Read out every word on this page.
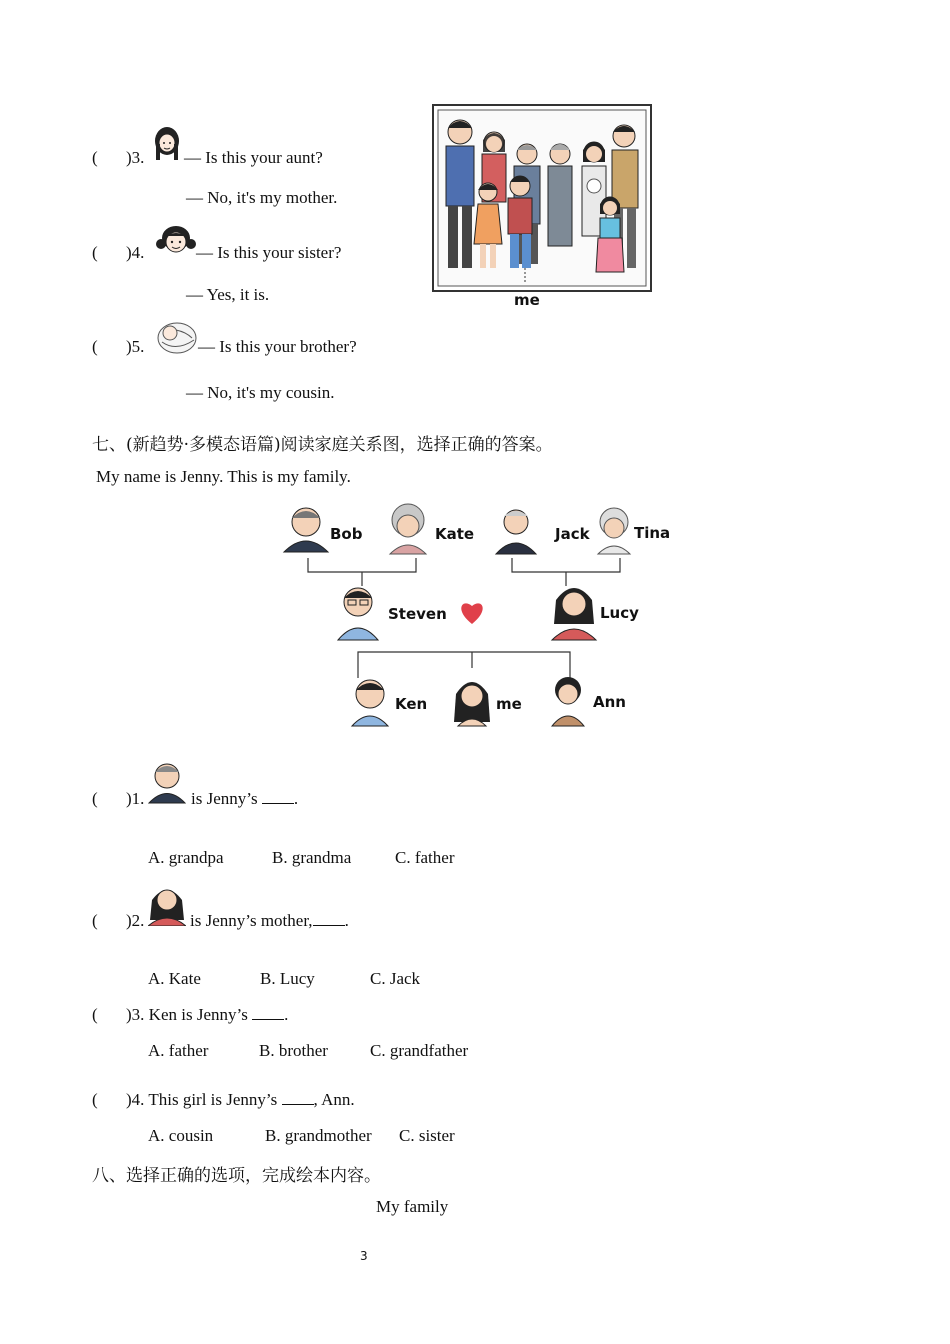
( )3. — Is this your aunt?
— No, it's my mother.
( )4.	— Is this your sister?
— Yes, it is.
( )5.	— Is this your brother?
— No, it's my cousin.
me
七、(新趋势·多模态语篇)阅读家庭关系图，选择正确的答案。
My name is Jenny. This is my family.
Bob	Kate	Jack	Tina
Steven	Lucy
Ken	me	Ann
( )1.	is Jenny’s .
A. grandpa	B. grandma	C. father
( )2.	is Jenny’s mother, .
A. Kate	B. Lucy	C. Jack
( )3. Ken is Jenny’s .
A. father	B. brother C. grandfather
( )4. This girl is Jenny’s , Ann.
A. cousin	B. grandmother C. sister
八、选择正确的选项，完成绘本内容。
My family
3
